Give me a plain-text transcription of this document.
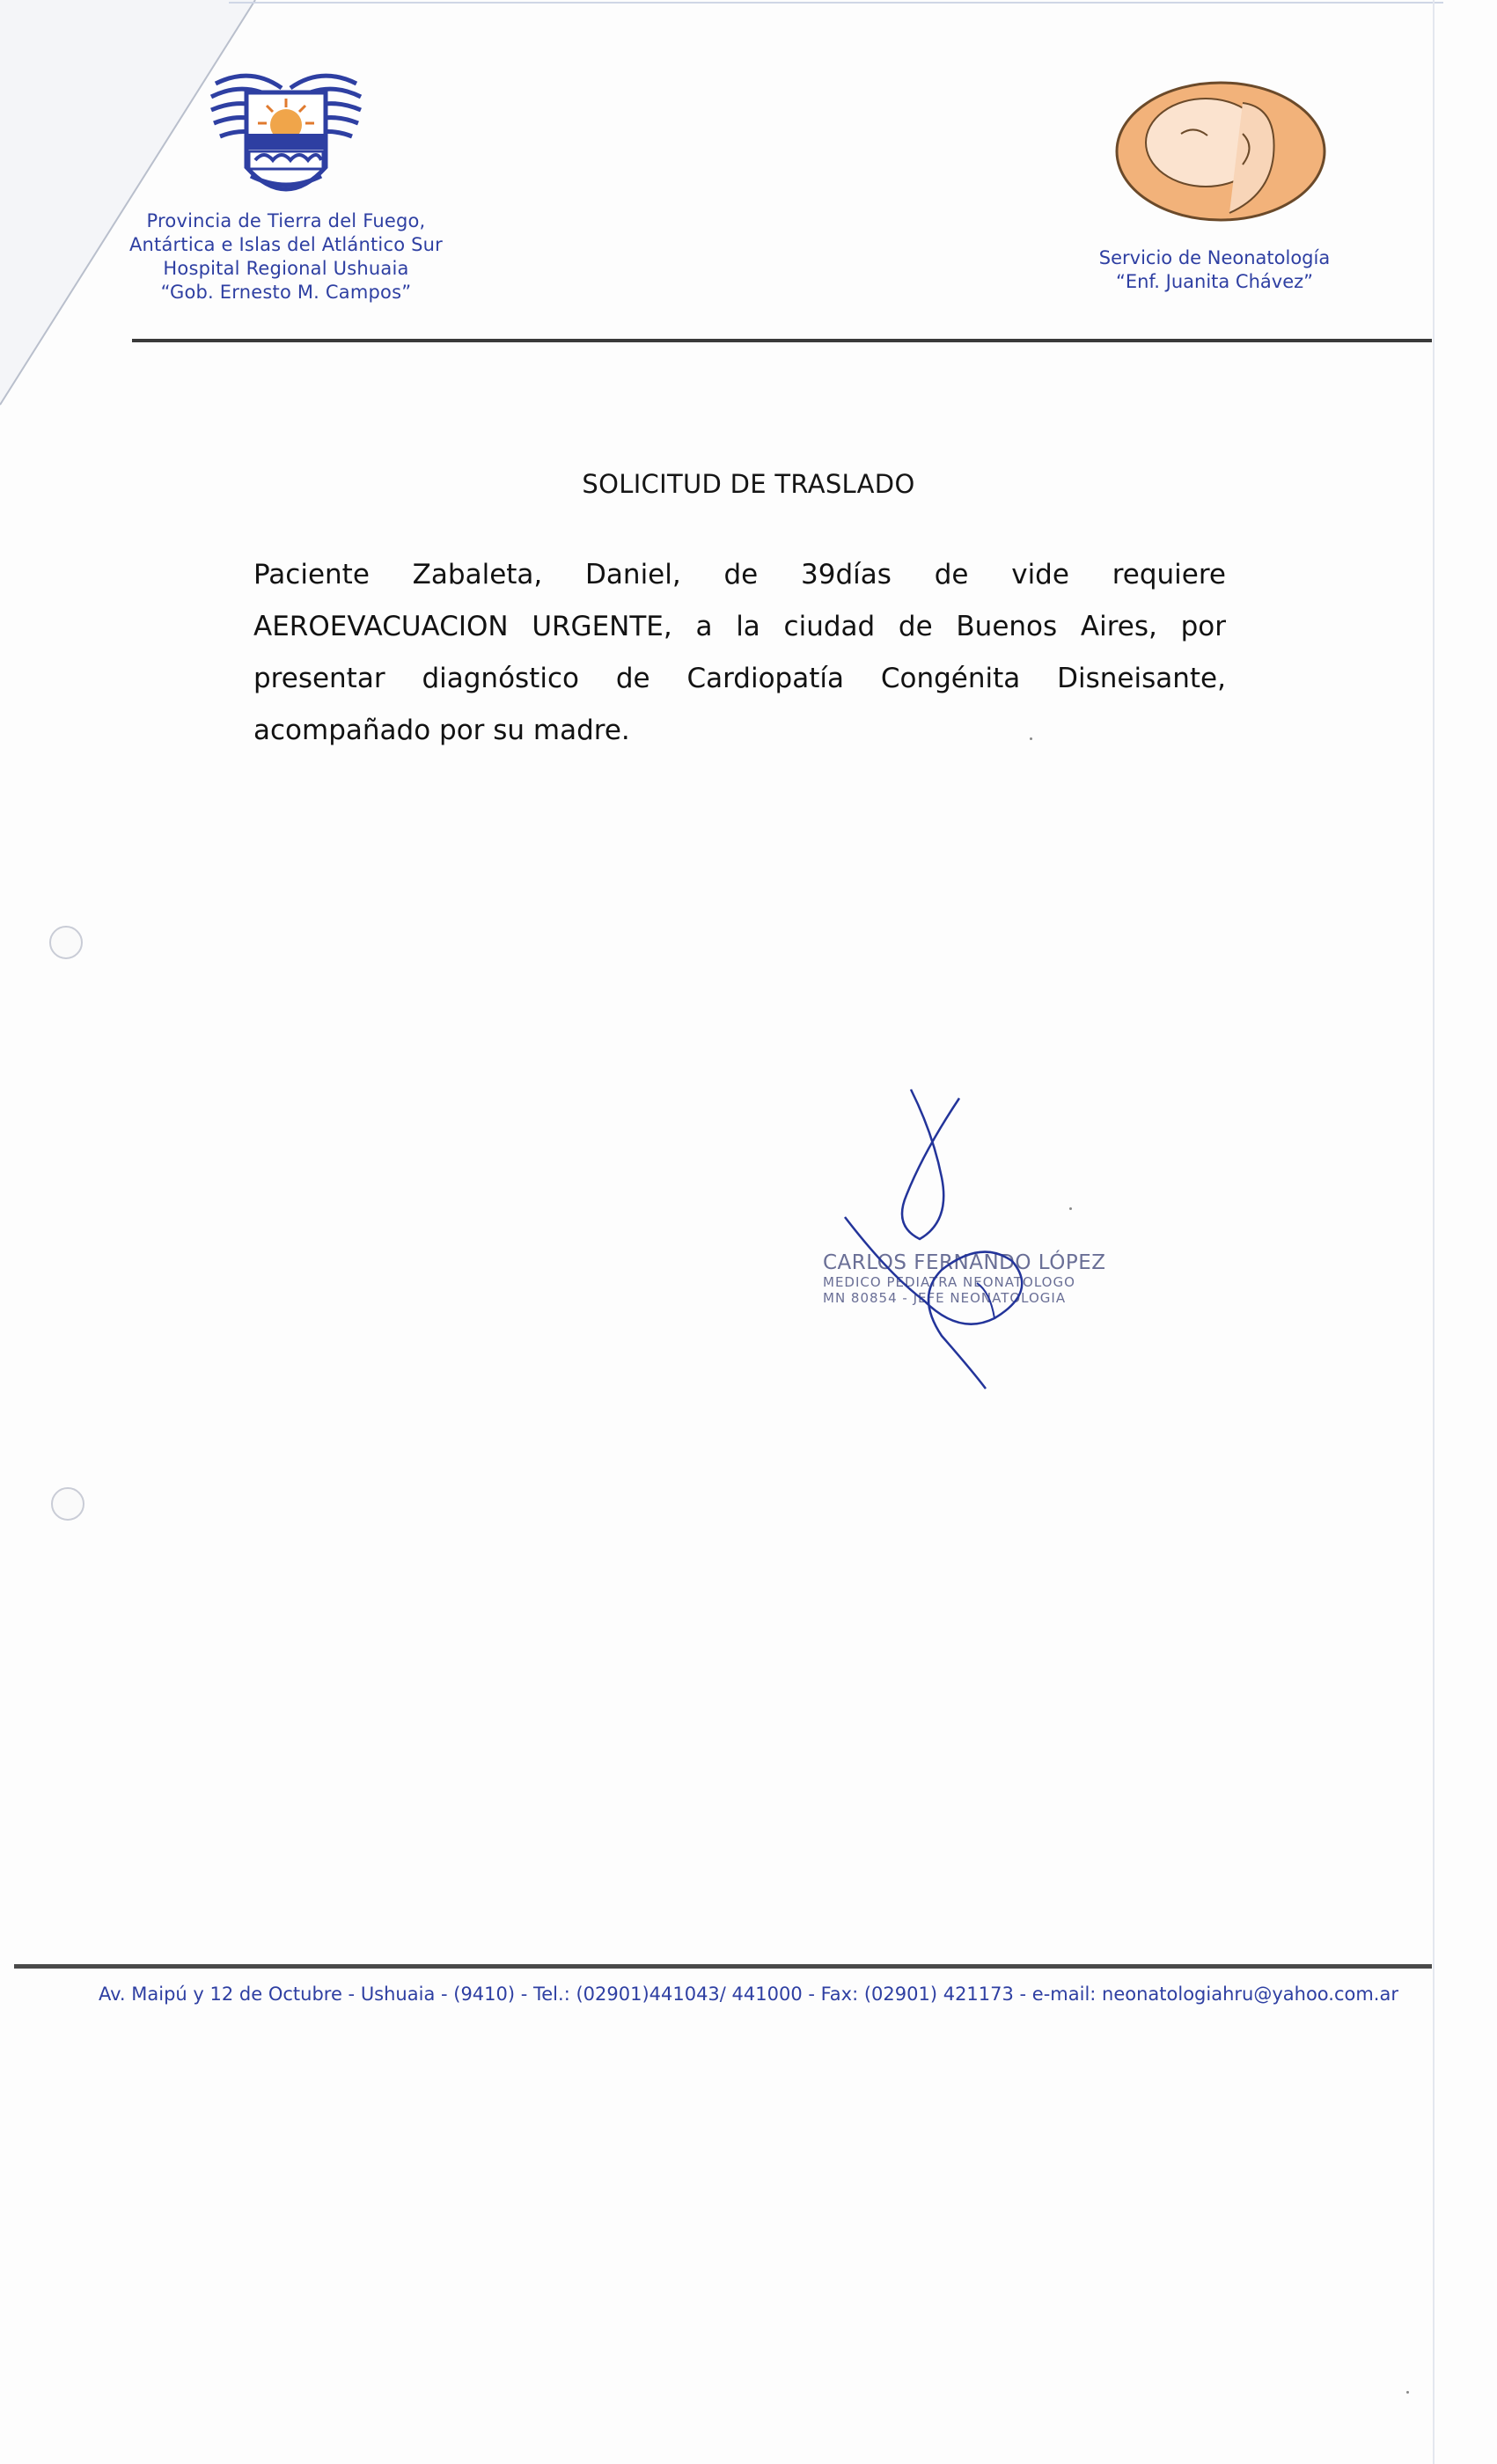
Provincia de Tierra del Fuego,
Antártica e Islas del Atlántico Sur
Hospital Regional Ushuaia
“Gob. Ernesto M. Campos”
Servicio de Neonatología
“Enf. Juanita Chávez”
SOLICITUD DE TRASLADO
Paciente Zabaleta, Daniel, de 39días de vide requiere AEROEVACUACION URGENTE, a la ciudad de Buenos Aires, por presentar diagnóstico de Cardiopatía Congénita Disneisante, acompañado por su madre.
CARLOS FERNANDO LÓPEZ
MEDICO PEDIATRA NEONATOLOGO
MN 80854 - JEFE NEONATOLOGIA
Av. Maipú y 12 de Octubre - Ushuaia - (9410) - Tel.: (02901)441043/ 441000 - Fax: (02901) 421173 - e-mail: neonatologiahru@yahoo.com.ar
